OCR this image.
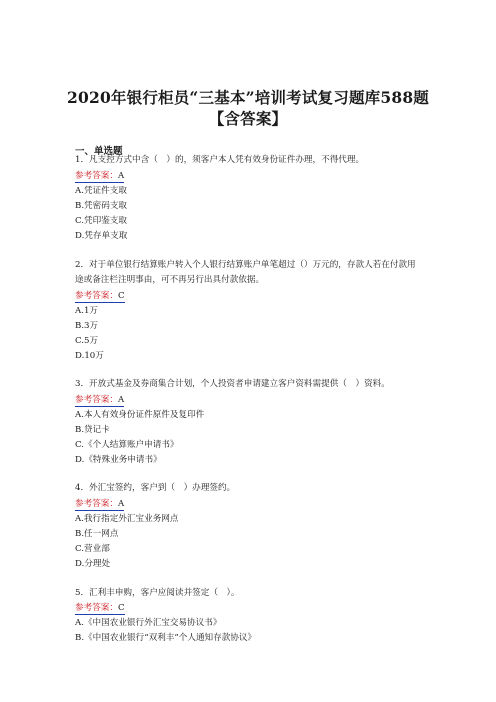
2020年银行柜员“三基本”培训考试复习题库588题
【含答案】
一、单选题
1．凡支控方式中含（　）的，须客户本人凭有效身份证件办理，不得代理。
参考答案：A
A.凭证件支取
B.凭密码支取
C.凭印鉴支取
D.凭存单支取
2．对于单位银行结算账户转入个人银行结算账户单笔超过（）万元的，存款人若在付款用
途或备注栏注明事由，可不再另行出具付款依据。
参考答案：C
A.1万
B.3万
C.5万
D.10万
3．开放式基金及券商集合计划，个人投资者申请建立客户资料需提供（　）资料。
参考答案：A
A.本人有效身份证件原件及复印件
B.贷记卡
C.《个人结算账户申请书》
D.《特殊业务申请书》
4．外汇宝签约，客户到（　）办理签约。
参考答案：A
A.我行指定外汇宝业务网点
B.任一网点
C.营业部
D.分理处
5．汇利丰申购，客户应阅读并签定（　）。
参考答案：C
A.《中国农业银行外汇宝交易协议书》
B.《中国农业银行“双利丰”个人通知存款协议》
